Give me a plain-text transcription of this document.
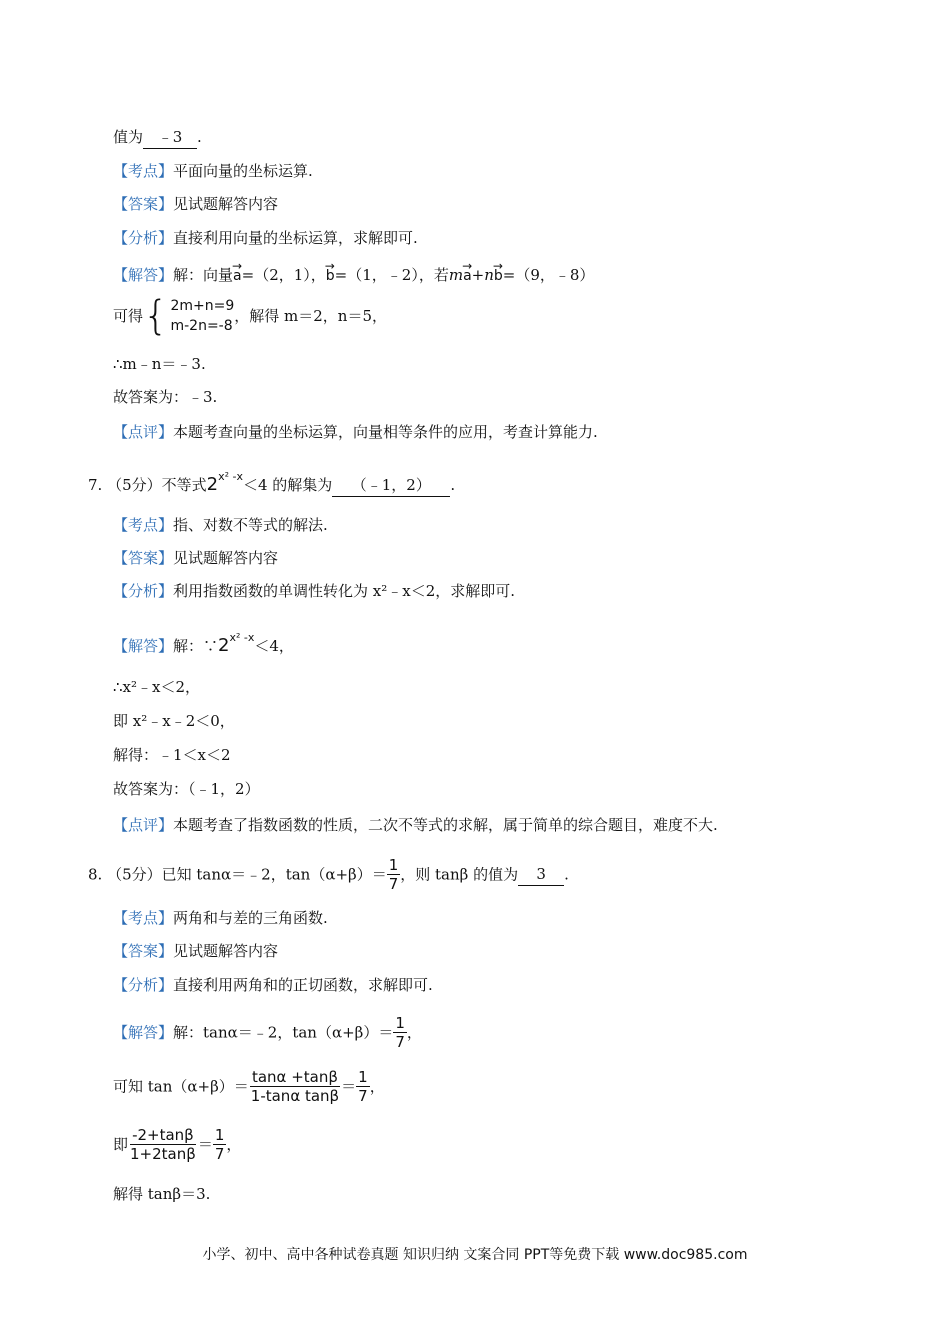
值为 ﹣3 .
【考点】平面向量的坐标运算.
【答案】见试题解答内容
【分析】直接利用向量的坐标运算，求解即可.
【解答】解：向量→ a=（2，1），→ b=（1，﹣2），若m→ a+n→ b=（9，﹣8）
可得 { 2m+n=9
m-2n=-8
，解得 m＝2，n＝5，
∴m﹣n＝﹣3.
故答案为：﹣3.
【点评】本题考查向量的坐标运算，向量相等条件的应用，考查计算能力.
7. （5分）不等式$2^{x^2 -x}<4$ 的解集为 （﹣1，2） .
【考点】指、对数不等式的解法.
【答案】见试题解答内容
【分析】利用指数函数的单调性转化为 x²﹣x＜2，求解即可.
【解答】解：$\because 2^{x^2 -x}<4$，
∴x²﹣x＜2，
即 x²﹣x﹣2＜0，
解得：﹣1＜x＜2
故答案为：（﹣1，2）
【点评】本题考查了指数函数的性质，二次不等式的求解，属于简单的综合题目，难度不大.
8. （5分）已知 tanα＝﹣2，$\tan(\alpha+\beta)= \frac{1}{7}$ ，则 tanβ 的值为 3 .
【考点】两角和与差的三角函数.
【答案】见试题解答内容
【分析】直接利用两角和的正切函数，求解即可.
【解答】解：tanα＝﹣2，$\tan(\alpha+\beta)= \frac{1}{7}$ ，
可知 $\tan(\alpha+\beta)= \frac{\tan\alpha +\tan\beta}{\text{1-tanα tanβ}} = \frac{1}{7}$ ，
即 $\frac{-2+\tan\beta}{1+2\tan\beta} = \frac{1}{7}$ ，
解得 tanβ＝3.
小学、初中、高中各种试卷真题 知识归纳 文案合同 PPT等免费下载 www.doc985.com
